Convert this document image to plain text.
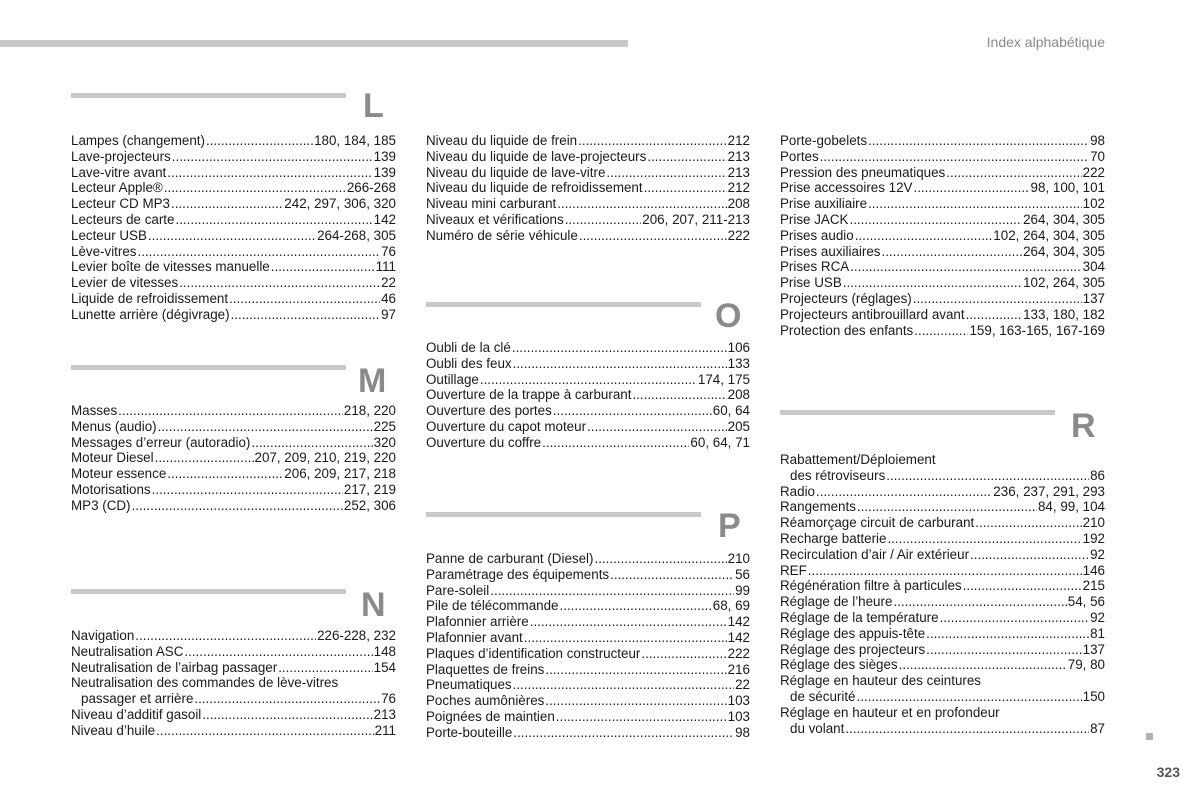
Index alphabétique
L
Lampes (changement) .....	180, 184, 185
Lave-projecteurs .....	139
Lave-vitre avant .....	139
Lecteur Apple® .....	266-268
Lecteur CD MP3 .....	242, 297, 306, 320
Lecteurs de carte .....	142
Lecteur USB .....	264-268, 305
Lève-vitres .....	76
Levier boîte de vitesses manuelle .....	111
Levier de vitesses .....	22
Liquide de refroidissement .....	46
Lunette arrière (dégivrage) .....	97
M
Masses .....	218, 220
Menus (audio) .....	225
Messages d’erreur (autoradio) .....	320
Moteur Diesel .....	207, 209, 210, 219, 220
Moteur essence .....	206, 209, 217, 218
Motorisations .....	217, 219
MP3 (CD) .....	252, 306
N
Navigation .....	226-228, 232
Neutralisation ASC .....	148
Neutralisation de l’airbag passager .....	154
Neutralisation des commandes de lève-vitres
passager et arrière .....	76
Niveau d’additif gasoil .....	213
Niveau d’huile .....	211
Niveau du liquide de frein .....	212
Niveau du liquide de lave-projecteurs .....	213
Niveau du liquide de lave-vitre .....	213
Niveau du liquide de refroidissement .....	212
Niveau mini carburant .....	208
Niveaux et vérifications .....	206, 207, 211-213
Numéro de série véhicule .....	222
O
Oubli de la clé .....	106
Oubli des feux .....	133
Outillage .....	174, 175
Ouverture de la trappe à carburant .....	208
Ouverture des portes .....	60, 64
Ouverture du capot moteur .....	205
Ouverture du coffre .....	60, 64, 71
P
Panne de carburant (Diesel) .....	210
Paramétrage des équipements .....	56
Pare-soleil .....	99
Pile de télécommande .....	68, 69
Plafonnier arrière .....	142
Plafonnier avant .....	142
Plaques d’identification constructeur .....	222
Plaquettes de freins .....	216
Pneumatiques .....	22
Poches aumônières .....	103
Poignées de maintien .....	103
Porte-bouteille .....	98
Porte-gobelets .....	98
Portes .....	70
Pression des pneumatiques .....	222
Prise accessoires 12V .....	98, 100, 101
Prise auxiliaire .....	102
Prise JACK .....	264, 304, 305
Prises audio .....	102, 264, 304, 305
Prises auxiliaires .....	264, 304, 305
Prises RCA .....	304
Prise USB .....	102, 264, 305
Projecteurs (réglages) .....	137
Projecteurs antibrouillard avant .....	133, 180, 182
Protection des enfants .....	159, 163-165, 167-169
R
Rabattement/Déploiement
des rétroviseurs .....	86
Radio .....	236, 237, 291, 293
Rangements .....	84, 99, 104
Réamorçage circuit de carburant .....	210
Recharge batterie .....	192
Recirculation d’air / Air extérieur .....	92
REF .....	146
Régénération filtre à particules .....	215
Réglage de l’heure .....	54, 56
Réglage de la température .....	92
Réglage des appuis-tête .....	81
Réglage des projecteurs .....	137
Réglage des sièges .....	79, 80
Réglage en hauteur des ceintures
de sécurité .....	150
Réglage en hauteur et en profondeur
du volant .....	87
323
